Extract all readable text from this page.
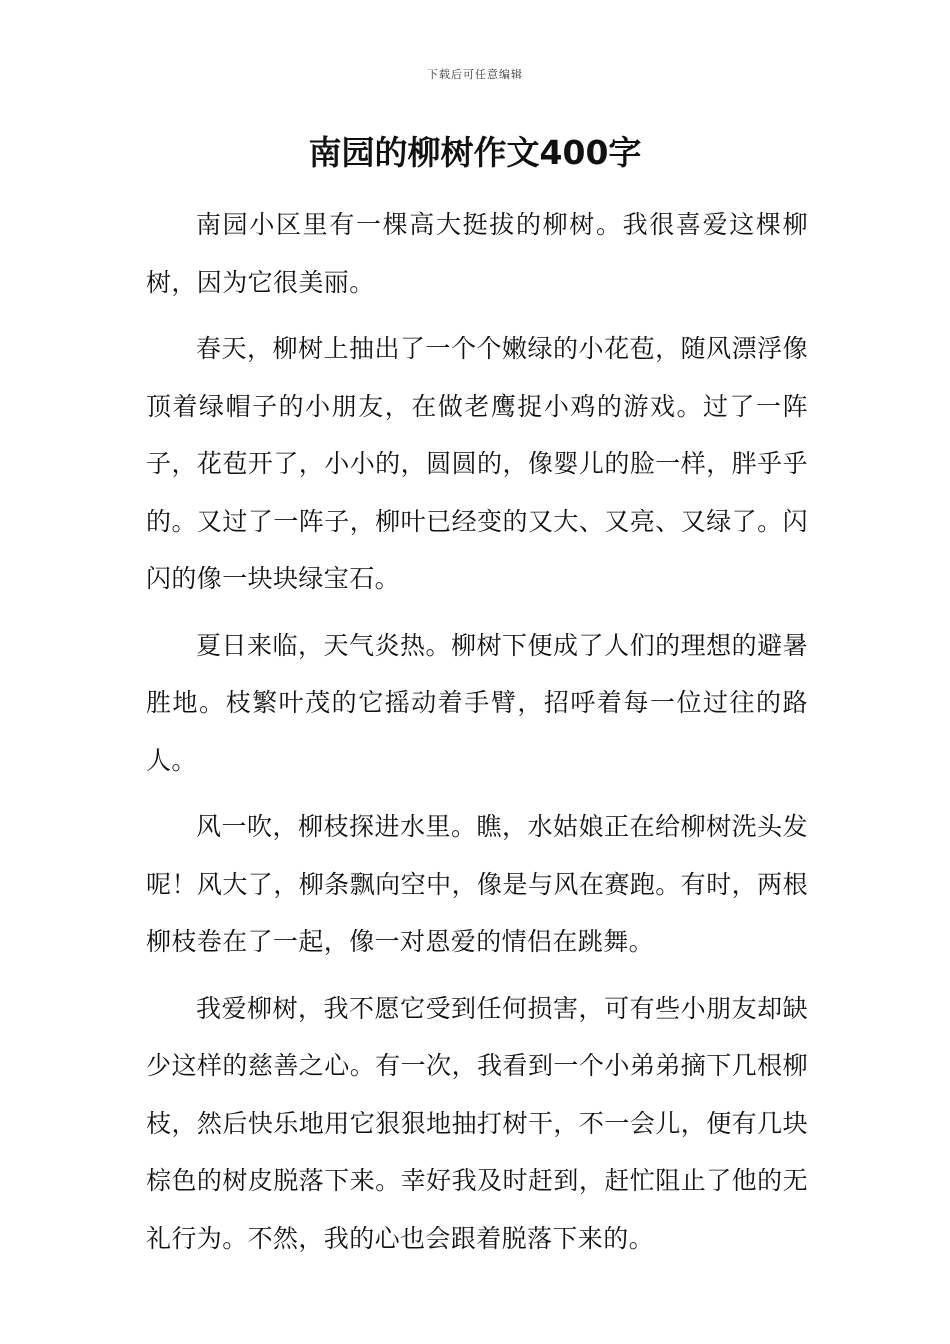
下载后可任意编辑
南园的柳树作文400字

南园小区里有一棵高大挺拔的柳树。我很喜爱这棵柳树，因为它很美丽。

春天，柳树上抽出了一个个嫩绿的小花苞，随风漂浮像顶着绿帽子的小朋友，在做老鹰捉小鸡的游戏。过了一阵子，花苞开了，小小的，圆圆的，像婴儿的脸一样，胖乎乎的。又过了一阵子，柳叶已经变的又大、又亮、又绿了。闪闪的像一块块绿宝石。

夏日来临，天气炎热。柳树下便成了人们的理想的避暑胜地。枝繁叶茂的它摇动着手臂，招呼着每一位过往的路人。

风一吹，柳枝探进水里。瞧，水姑娘正在给柳树洗头发呢！风大了，柳条飘向空中，像是与风在赛跑。有时，两根柳枝卷在了一起，像一对恩爱的情侣在跳舞。

我爱柳树，我不愿它受到任何损害，可有些小朋友却缺少这样的慈善之心。有一次，我看到一个小弟弟摘下几根柳枝，然后快乐地用它狠狠地抽打树干，不一会儿，便有几块棕色的树皮脱落下来。幸好我及时赶到，赶忙阻止了他的无礼行为。不然，我的心也会跟着脱落下来的。
